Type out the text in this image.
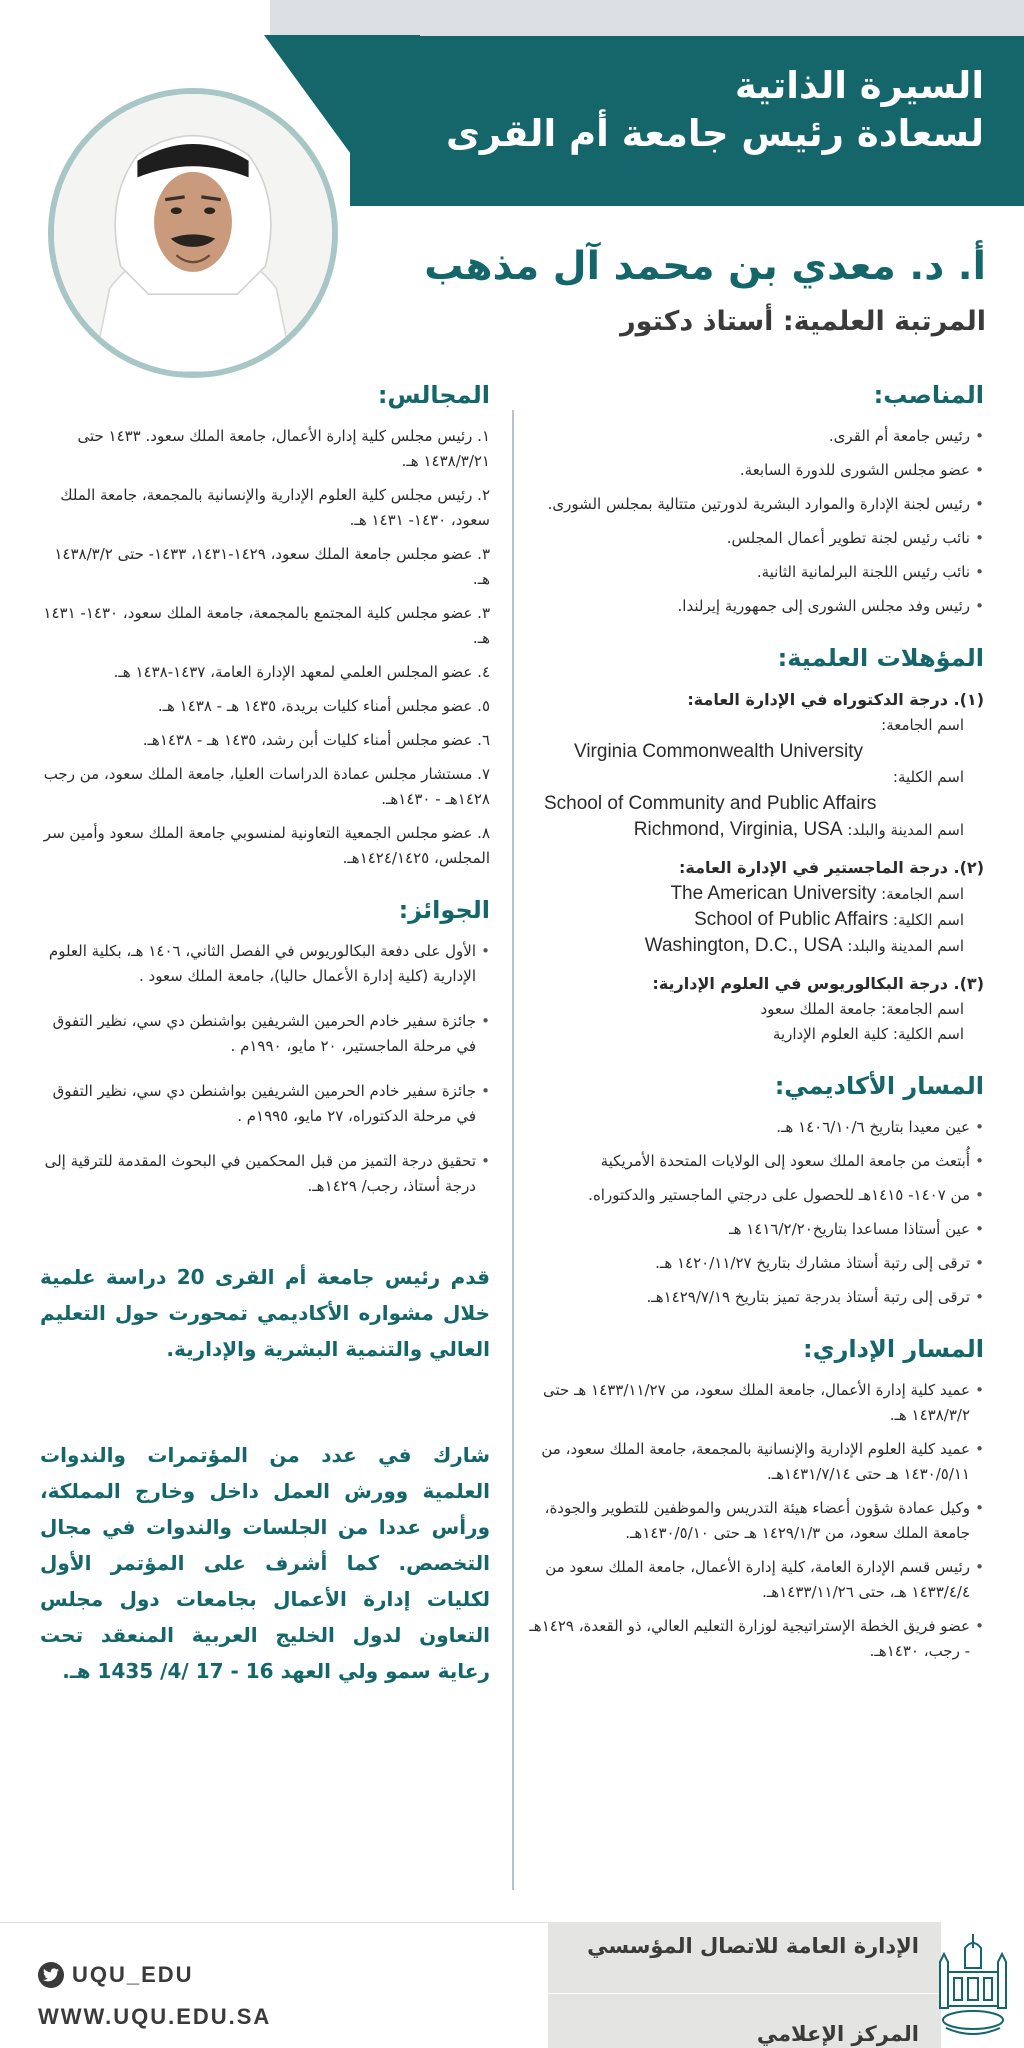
السيرة الذاتية
لسعادة رئيس جامعة أم القرى
أ. د. معدي بن محمد آل مذهب
المرتبة العلمية: أستاذ دكتور
المناصب:
• رئيس جامعة أم القرى.
• عضو مجلس الشورى للدورة السابعة.
• رئيس لجنة الإدارة والموارد البشرية لدورتين متتالية بمجلس الشورى.
• نائب رئيس لجنة تطوير أعمال المجلس.
• نائب رئيس اللجنة البرلمانية الثانية.
• رئيس وفد مجلس الشورى إلى جمهورية إيرلندا.
المؤهلات العلمية:
(١). درجة الدكتوراه في الإدارة العامة:
اسم الجامعة:
Virginia Commonwealth University
اسم الكلية:
School of Community and Public Affairs
اسم المدينة والبلد: Richmond, Virginia, USA
(٢). درجة الماجستير في الإدارة العامة:
اسم الجامعة: The American University
اسم الكلية: School of Public Affairs
اسم المدينة والبلد: Washington, D.C., USA
(٣). درجة البكالوريوس في العلوم الإدارية:
اسم الجامعة: جامعة الملك سعود
اسم الكلية: كلية العلوم الإدارية
المسار الأكاديمي:
• عين معيدا بتاريخ ١٤٠٦/١٠/٦ هـ.
• أُبتعث من جامعة الملك سعود إلى الولايات المتحدة الأمريكية
• من ١٤٠٧- ١٤١٥هـ للحصول على درجتي الماجستير والدكتوراه.
• عين أستاذا مساعدا بتاريخ١٤١٦/٢/٢٠ هـ
• ترقى إلى رتبة أستاذ مشارك بتاريخ ١٤٢٠/١١/٢٧ هـ.
• ترقى إلى رتبة أستاذ بدرجة تميز بتاريخ ١٤٢٩/٧/١٩هـ.
المسار الإداري:
• عميد كلية إدارة الأعمال، جامعة الملك سعود، من ١٤٣٣/١١/٢٧ هـ حتى ١٤٣٨/٣/٢ هـ.
• عميد كلية العلوم الإدارية والإنسانية بالمجمعة، جامعة الملك سعود، من ١٤٣٠/٥/١١ هـ حتى ١٤٣١/٧/١٤هـ.
• وكيل عمادة شؤون أعضاء هيئة التدريس والموظفين للتطوير والجودة، جامعة الملك سعود، من ١٤٢٩/١/٣ هـ حتى ١٤٣٠/٥/١٠هـ.
• رئيس قسم الإدارة العامة، كلية إدارة الأعمال، جامعة الملك سعود من ١٤٣٣/٤/٤ هـ، حتى ١٤٣٣/١١/٢٦هـ.
• عضو فريق الخطة الإستراتيجية لوزارة التعليم العالي، ذو القعدة، ١٤٢٩هـ - رجب، ١٤٣٠هـ.
المجالس:
١. رئيس مجلس كلية إدارة الأعمال، جامعة الملك سعود. ١٤٣٣ حتى ١٤٣٨/٣/٢١ هـ.
٢. رئيس مجلس كلية العلوم الإدارية والإنسانية بالمجمعة، جامعة الملك سعود، ١٤٣٠- ١٤٣١ هـ.
٣. عضو مجلس جامعة الملك سعود، ١٤٢٩-١٤٣١، ١٤٣٣- حتى ١٤٣٨/٣/٢ هـ.
٣. عضو مجلس كلية المجتمع بالمجمعة، جامعة الملك سعود، ١٤٣٠- ١٤٣١ هـ.
٤. عضو المجلس العلمي لمعهد الإدارة العامة، ١٤٣٧-١٤٣٨ هـ.
٥. عضو مجلس أمناء كليات بريدة، ١٤٣٥ هـ - ١٤٣٨ هـ.
٦. عضو مجلس أمناء كليات أبن رشد، ١٤٣٥ هـ - ١٤٣٨هـ.
٧. مستشار مجلس عمادة الدراسات العليا، جامعة الملك سعود، من رجب ١٤٢٨هـ - ١٤٣٠هـ.
٨. عضو مجلس الجمعية التعاونية لمنسوبي جامعة الملك سعود وأمين سر المجلس، ١٤٢٤/١٤٢٥هـ.
الجوائز:
• الأول على دفعة البكالوريوس في الفصل الثاني، ١٤٠٦ هـ، بكلية العلوم الإدارية (كلية إدارة الأعمال حاليا)، جامعة الملك سعود .
• جائزة سفير خادم الحرمين الشريفين بواشنطن دي سي، نظير التفوق في مرحلة الماجستير، ٢٠ مايو، ١٩٩٠م .
• جائزة سفير خادم الحرمين الشريفين بواشنطن دي سي، نظير التفوق في مرحلة الدكتوراه، ٢٧ مايو، ١٩٩٥م .
• تحقيق درجة التميز من قبل المحكمين في البحوث المقدمة للترقية إلى درجة أستاذ، رجب/ ١٤٢٩هـ.
قدم رئيس جامعة أم القرى 20 دراسة علمية خلال مشواره الأكاديمي تمحورت حول التعليم العالي والتنمية البشرية والإدارية.
شارك في عدد من المؤتمرات والندوات العلمية وورش العمل داخل وخارج المملكة، ورأس عددا من الجلسات والندوات في مجال التخصص. كما أشرف على المؤتمر الأول لكليات إدارة الأعمال بجامعات دول مجلس التعاون لدول الخليج العربية المنعقد تحت رعاية سمو ولي العهد 16 - 17 /4/ 1435 هـ.
الإدارة العامة للاتصال المؤسسي
المركز الإعلامي
UQU_EDU
WWW.UQU.EDU.SA
